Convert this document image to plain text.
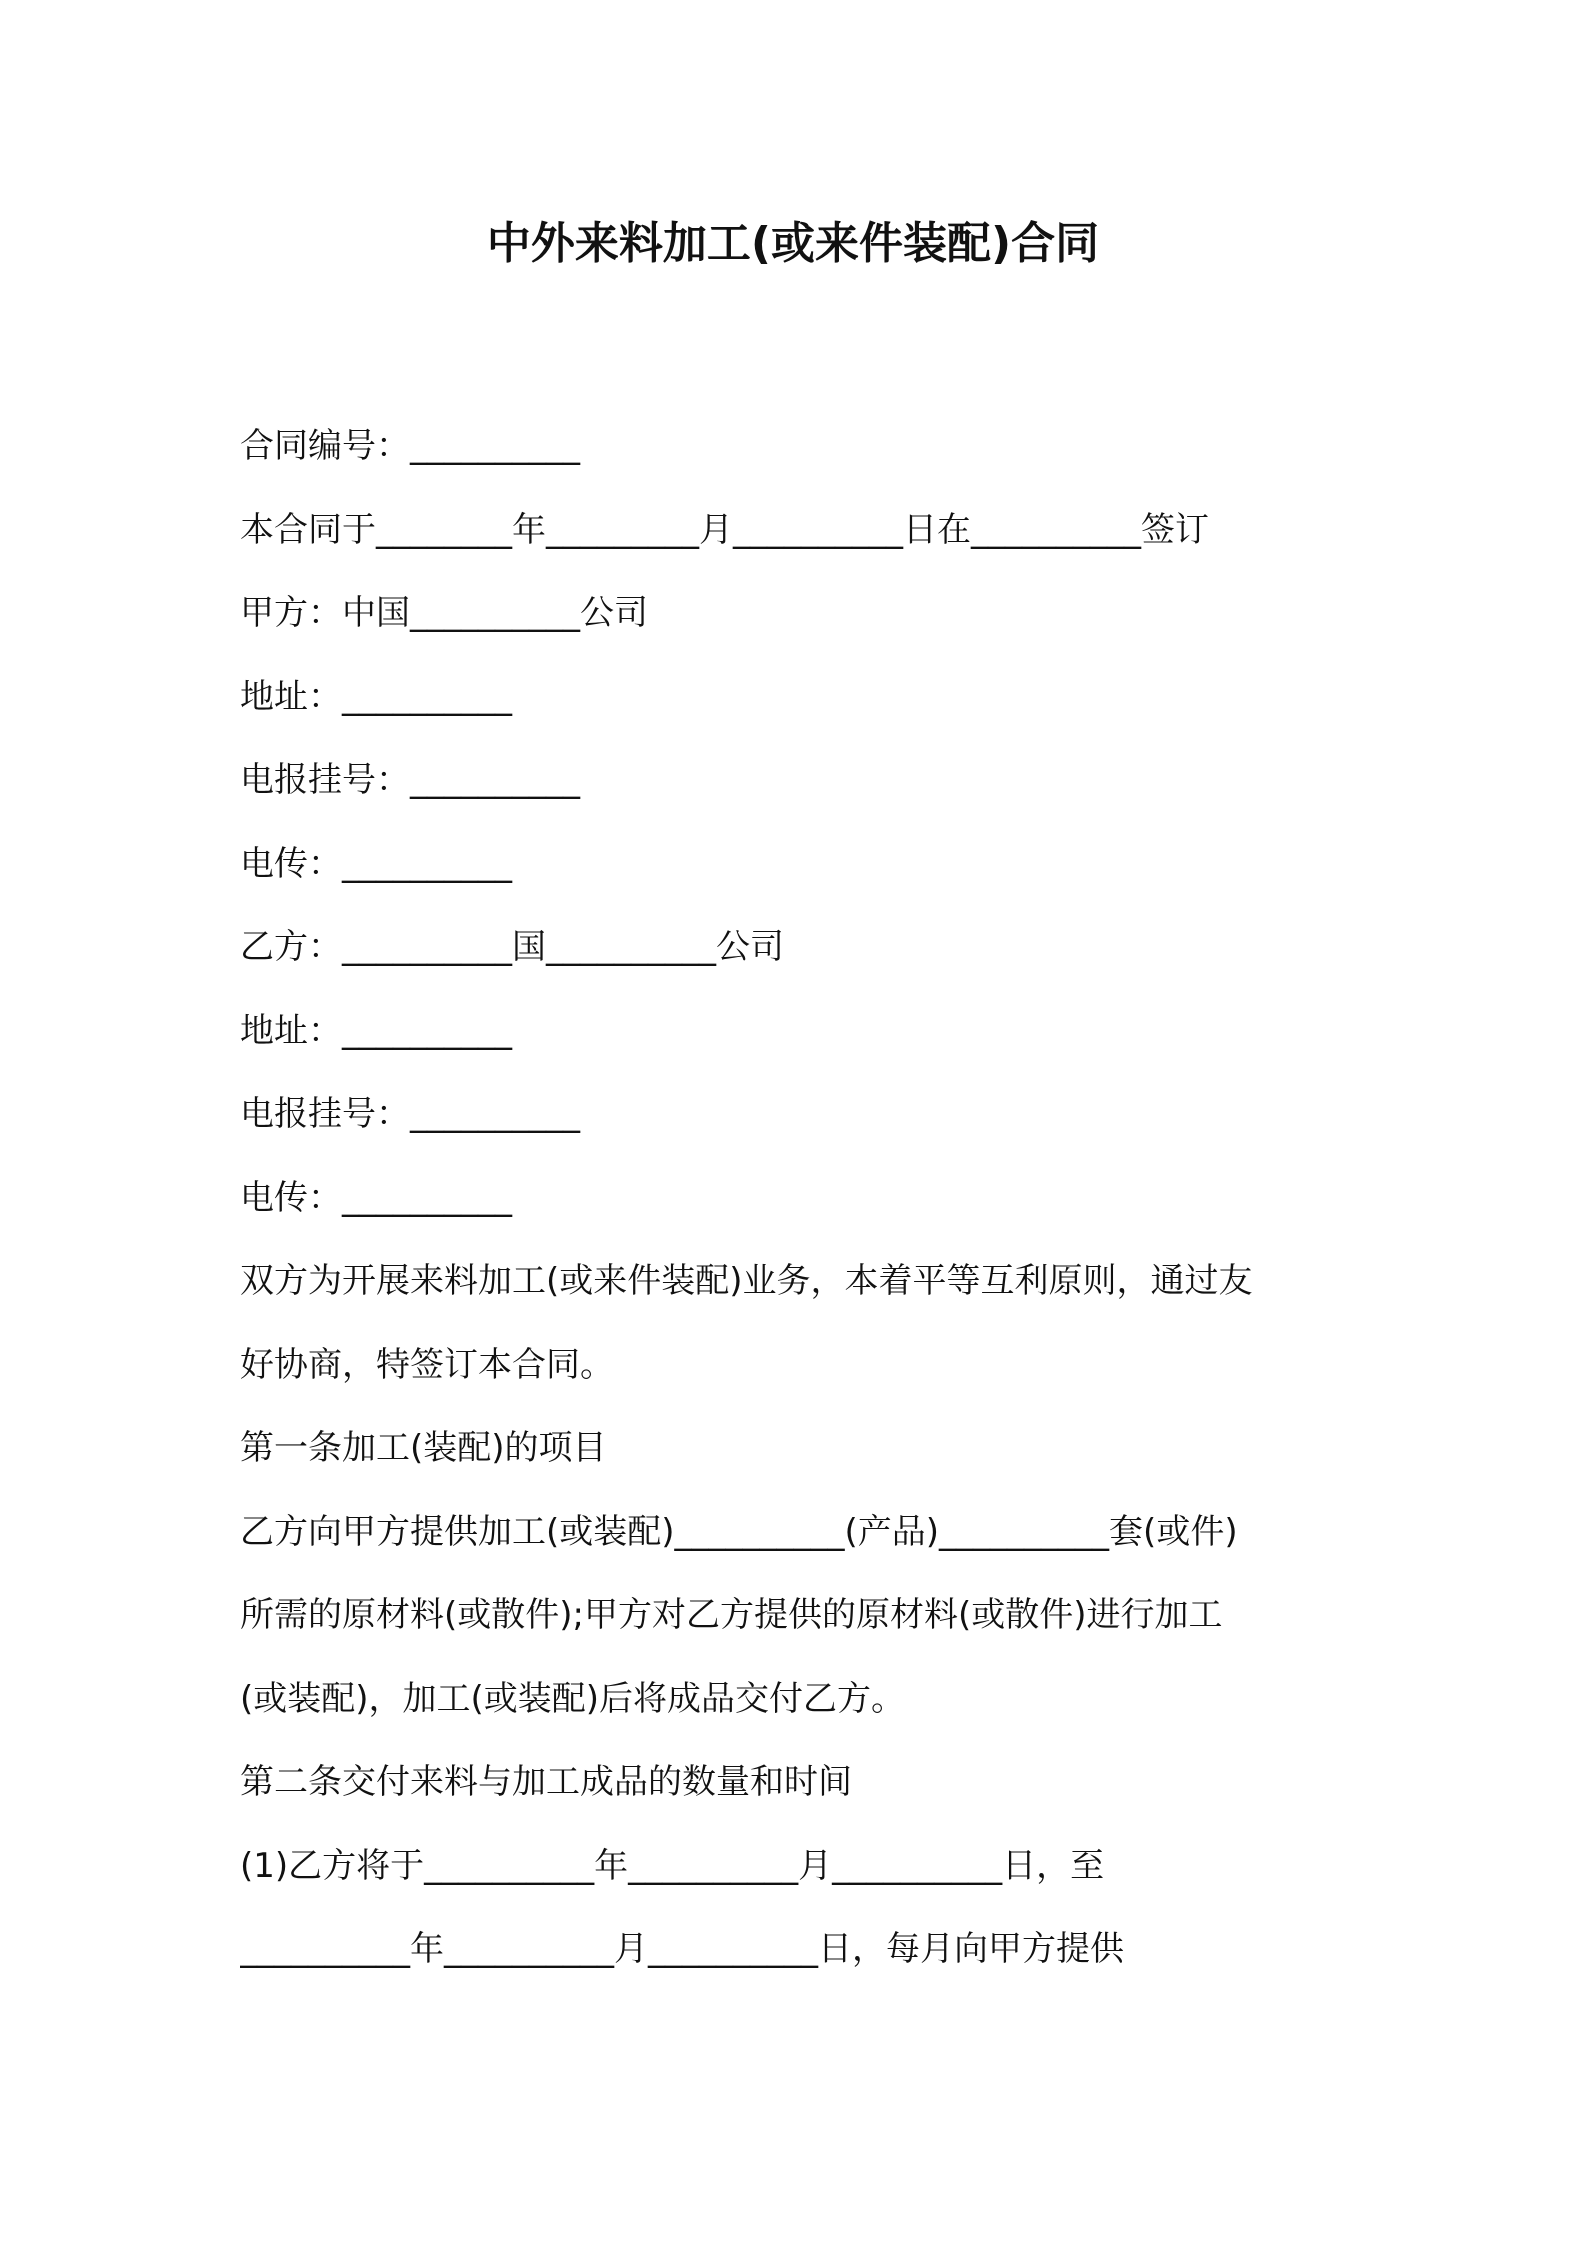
中外来料加工(或来件装配)合同
合同编号：__________
本合同于________年_________月__________日在__________签订
甲方：中国__________公司
地址：__________
电报挂号：__________
电传：__________
乙方：__________国__________公司
地址：__________
电报挂号：__________
电传：__________
双方为开展来料加工(或来件装配)业务，本着平等互利原则，通过友
好协商，特签订本合同。
第一条加工(装配)的项目
乙方向甲方提供加工(或装配)__________(产品)__________套(或件)
所需的原材料(或散件);甲方对乙方提供的原材料(或散件)进行加工
(或装配)，加工(或装配)后将成品交付乙方。
第二条交付来料与加工成品的数量和时间
(1)乙方将于__________年__________月__________日，至
__________年__________月__________日，每月向甲方提供
